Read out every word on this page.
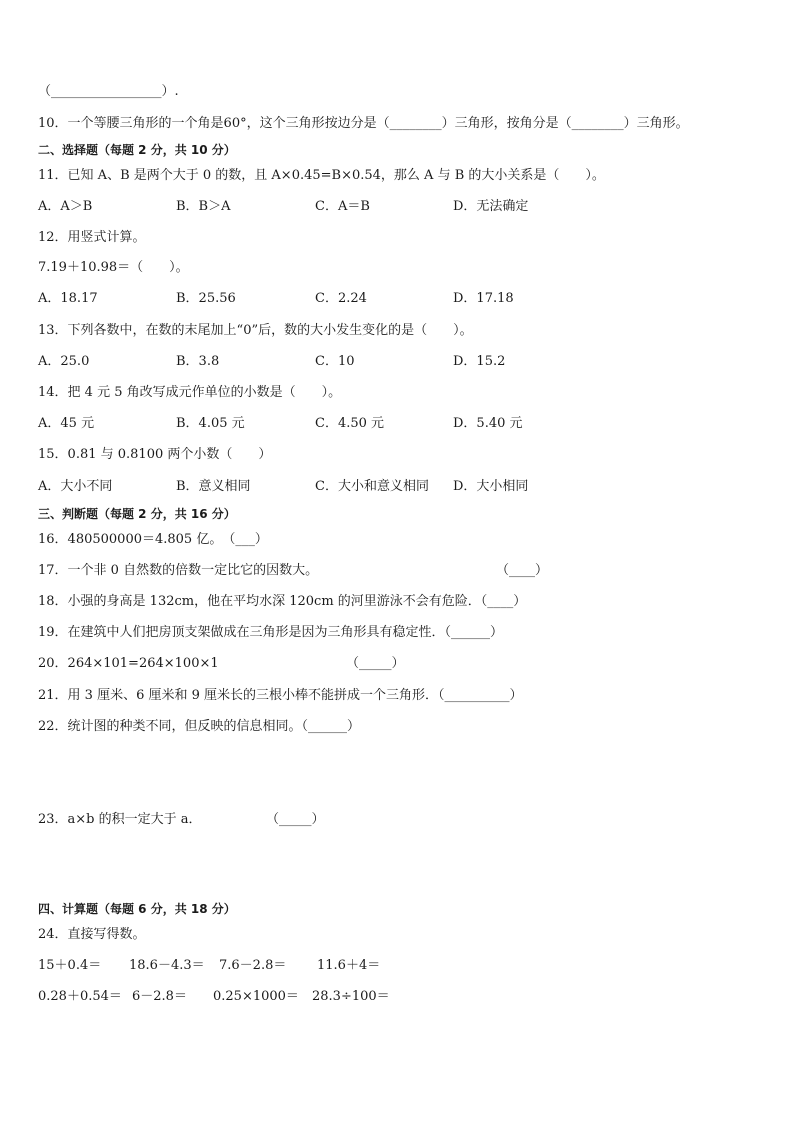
（_________________）.
10．一个等腰三角形的一个角是60°，这个三角形按边分是（________）三角形，按角分是（________）三角形。
二、选择题（每题 2 分，共 10 分）
11．已知 A、B 是两个大于 0 的数，且 A×0.45=B×0.54，那么 A 与 B 的大小关系是（　　）。
A．A＞B	B．B＞A	C．A＝B	D．无法确定
12．用竖式计算。
7.19＋10.98＝（　　）。
A．18.17	B．25.56	C．2.24	D．17.18
13．下列各数中，在数的末尾加上“0”后，数的大小发生变化的是（　　）。
A．25.0	B．3.8	C．10	D．15.2
14．把 4 元 5 角改写成元作单位的小数是（　　）。
A．45 元	B．4.05 元	C．4.50 元	D．5.40 元
15．0.81 与 0.8100 两个小数（　　）
A．大小不同	B．意义相同	C．大小和意义相同 D．大小相同
三、判断题（每题 2 分，共 16 分）
16．480500000＝4.805 亿。　（___）
17．一个非 0 自然数的倍数一定比它的因数大。	（____）
18．小强的身高是 132cm，他在平均水深 120cm 的河里游泳不会有危险．（____）
19．在建筑中人们把房顶支架做成在三角形是因为三角形具有稳定性．（______）
20．264×101=264×100×1	（_____）
21．用 3 厘米、6 厘米和 9 厘米长的三根小棒不能拼成一个三角形．（__________）
22．统计图的种类不同，但反映的信息相同。（______）
23．a×b 的积一定大于 a．	（_____）
四、计算题（每题 6 分，共 18 分）
24．直接写得数。
15＋0.4＝ 18.6－4.3＝ 7.6－2.8＝ 11.6＋4＝
0.28＋0.54＝ 6－2.8＝ 0.25×1000＝ 28.3÷100＝
